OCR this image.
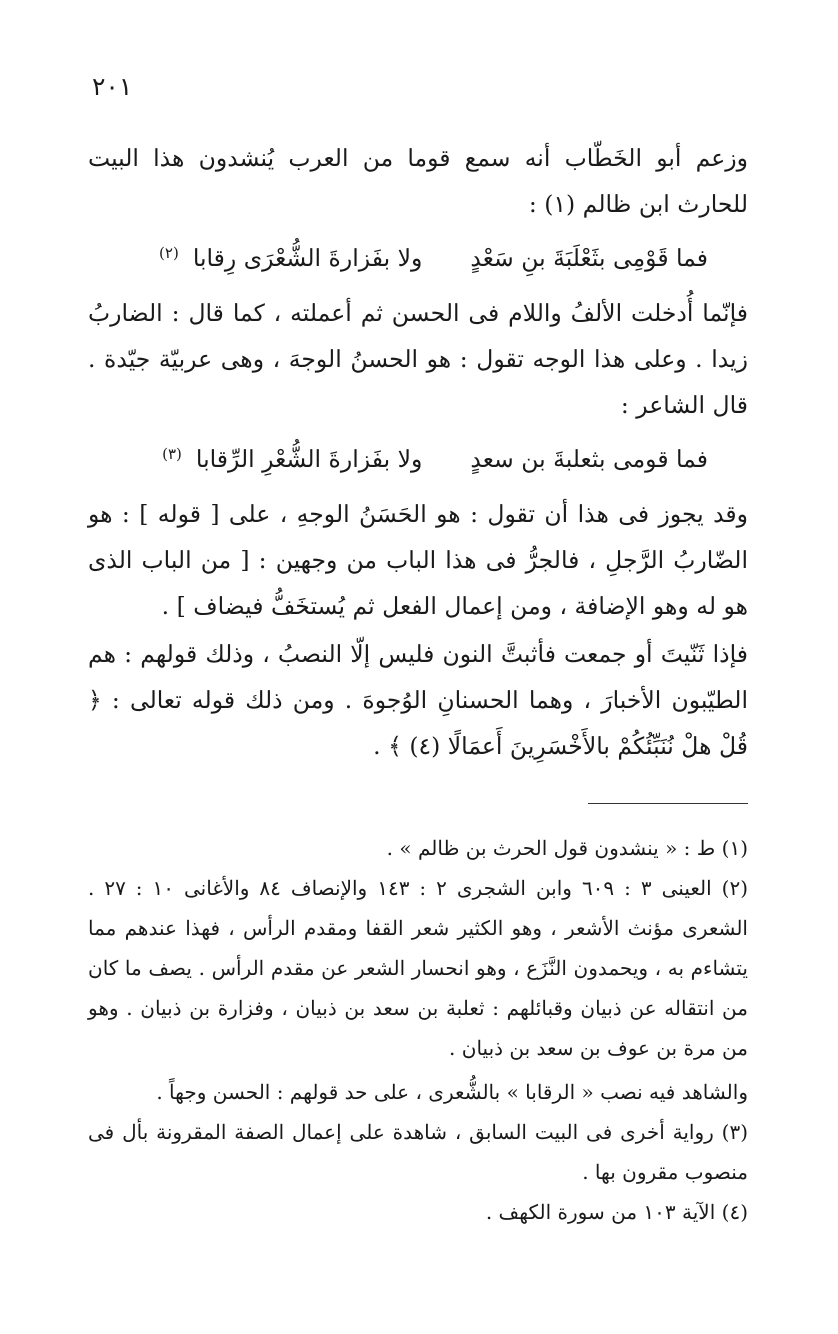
٢٠١

وزعم أبو الخَطّاب أنه سمع قوما من العرب يُنشدون هذا البيت للحارث ابن ظالم (١) :

فما قَوْمِى بثَعْلَبَةَ بنِ سَعْدٍ
ولا بفَزارةَ الشُّعْرَى رِقابا
(٢)

فإنّما أُدخلت الألفُ واللام فى الحسن ثم أعملته ، كما قال : الضاربُ زيدا . وعلى هذا الوجه تقول : هو الحسنُ الوجهَ ، وهى عربيّة جيّدة . قال الشاعر :

فما قومى بثعلبةَ بن سعدٍ
ولا بفَزارةَ الشُّعْرِ الرِّقابا
(٣)

وقد يجوز فى هذا أن تقول : هو الحَسَنُ الوجهِ ، على [ قوله ] : هو الضّاربُ الرَّجلِ ، فالجرُّ فى هذا الباب من وجهين : [ من الباب الذى هو له وهو الإضافة ، ومن إعمال الفعل ثم يُستخَفُّ فيضاف ] .

فإذا ثَنّيتَ أو جمعت فأثبتَّ النون فليس إلّا النصبُ ، وذلك قولهم : هم الطيّبون الأخبارَ ، وهما الحسنانِ الوُجوهَ . ومن ذلك قوله تعالى : ﴿ قُلْ هلْ نُنَبِّئُكُمْ بالأَخْسَرِينَ أَعمَالًا (٤) ﴾ .

(١) ط : « ينشدون قول الحرث بن ظالم » .

(٢) العينى ٣ : ٦٠٩ وابن الشجرى ٢ : ١٤٣ والإنصاف ٨٤ والأغانى ١٠ : ٢٧ . الشعرى مؤنث الأشعر ، وهو الكثير شعر القفا ومقدم الرأس ، فهذا عندهم مما يتشاءم به ، ويحمدون النَّزَع ، وهو انحسار الشعر عن مقدم الرأس . يصف ما كان من انتقاله عن ذبيان وقبائلهم : ثعلبة بن سعد بن ذبيان ، وفزارة بن ذبيان . وهو من مرة بن عوف بن سعد بن ذبيان .

والشاهد فيه نصب « الرقابا » بالشُّعرى ، على حد قولهم : الحسن وجهاً .

(٣) رواية أخرى فى البيت السابق ، شاهدة على إعمال الصفة المقرونة بأل فى منصوب مقرون بها .

(٤) الآية ١٠٣ من سورة الكهف .
